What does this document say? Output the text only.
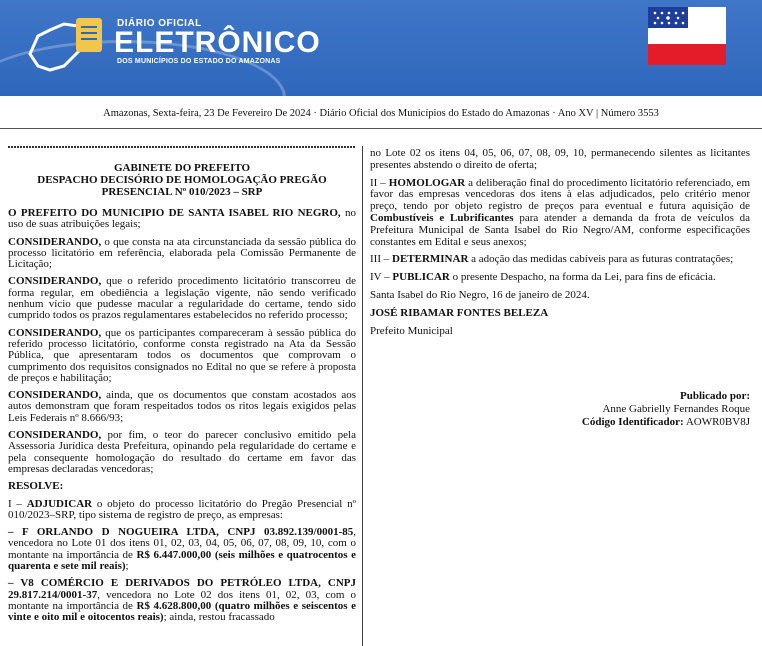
DIÁRIO OFICIAL
ELETRÔNICO
DOS MUNICÍPIOS DO ESTADO DO AMAZONAS
Amazonas, Sexta-feira, 23 De Fevereiro De 2024 · Diário Oficial dos Municípios do Estado do Amazonas · Ano XV | Número 3553
GABINETE DO PREFEITO
DESPACHO DECISÓRIO DE HOMOLOGAÇÃO PREGÃO
PRESENCIAL Nº 010/2023 – SRP

O PREFEITO DO MUNICIPIO DE SANTA ISABEL RIO NEGRO, no uso de suas atribuições legais;

CONSIDERANDO, o que consta na ata circunstanciada da sessão pública do processo licitatório em referência, elaborada pela Comissão Permanente de Licitação;

CONSIDERANDO, que o referido procedimento licitatório transcorreu de forma regular, em obediência a legislação vigente, não sendo verificado nenhum vício que pudesse macular a regularidade do certame, tendo sido cumprido todos os prazos regulamentares estabelecidos no referido processo;

CONSIDERANDO, que os participantes compareceram à sessão pública do referido processo licitatório, conforme consta registrado na Ata da Sessão Pública, que apresentaram todos os documentos que comprovam o cumprimento dos requisitos consignados no Edital no que se refere à proposta de preços e habilitação;

CONSIDERANDO, ainda, que os documentos que constam acostados aos autos demonstram que foram respeitados todos os ritos legais exigidos pelas Leis Federais nº 8.666/93;

CONSIDERANDO, por fim, o teor do parecer conclusivo emitido pela Assessoria Jurídica desta Prefeitura, opinando pela regularidade do certame e pela consequente homologação do resultado do certame em favor das empresas declaradas vencedoras;

RESOLVE:

I – ADJUDICAR o objeto do processo licitatório do Pregão Presencial nº 010/2023–SRP, tipo sistema de registro de preço, as empresas:

– F ORLANDO D NOGUEIRA LTDA, CNPJ 03.892.139/0001-85, vencedora no Lote 01 dos itens 01, 02, 03, 04, 05, 06, 07, 08, 09, 10, com o montante na importância de R$ 6.447.000,00 (seis milhões e quatrocentos e quarenta e sete mil reais);

– V8 COMÉRCIO E DERIVADOS DO PETRÓLEO LTDA, CNPJ 29.817.214/0001-37, vencedora no Lote 02 dos itens 01, 02, 03, com o montante na importância de R$ 4.628.800,00 (quatro milhões e seiscentos e vinte e oito mil e oitocentos reais); ainda, restou fracassado

no Lote 02 os itens 04, 05, 06, 07, 08, 09, 10, permanecendo silentes as licitantes presentes abstendo o direito de oferta;

II – HOMOLOGAR a deliberação final do procedimento licitatório referenciado, em favor das empresas vencedoras dos itens à elas adjudicados, pelo critério menor preço, tendo por objeto registro de preços para eventual e futura aquisição de Combustíveis e Lubrificantes para atender a demanda da frota de veículos da Prefeitura Municipal de Santa Isabel do Rio Negro/AM, conforme especificações constantes em Edital e seus anexos;

III – DETERMINAR a adoção das medidas cabíveis para as futuras contratações;

IV – PUBLICAR o presente Despacho, na forma da Lei, para fins de eficácia.

Santa Isabel do Rio Negro, 16 de janeiro de 2024.

JOSÉ RIBAMAR FONTES BELEZA

Prefeito Municipal

Publicado por:
Anne Gabrielly Fernandes Roque
Código Identificador: AOWR0BV8J
